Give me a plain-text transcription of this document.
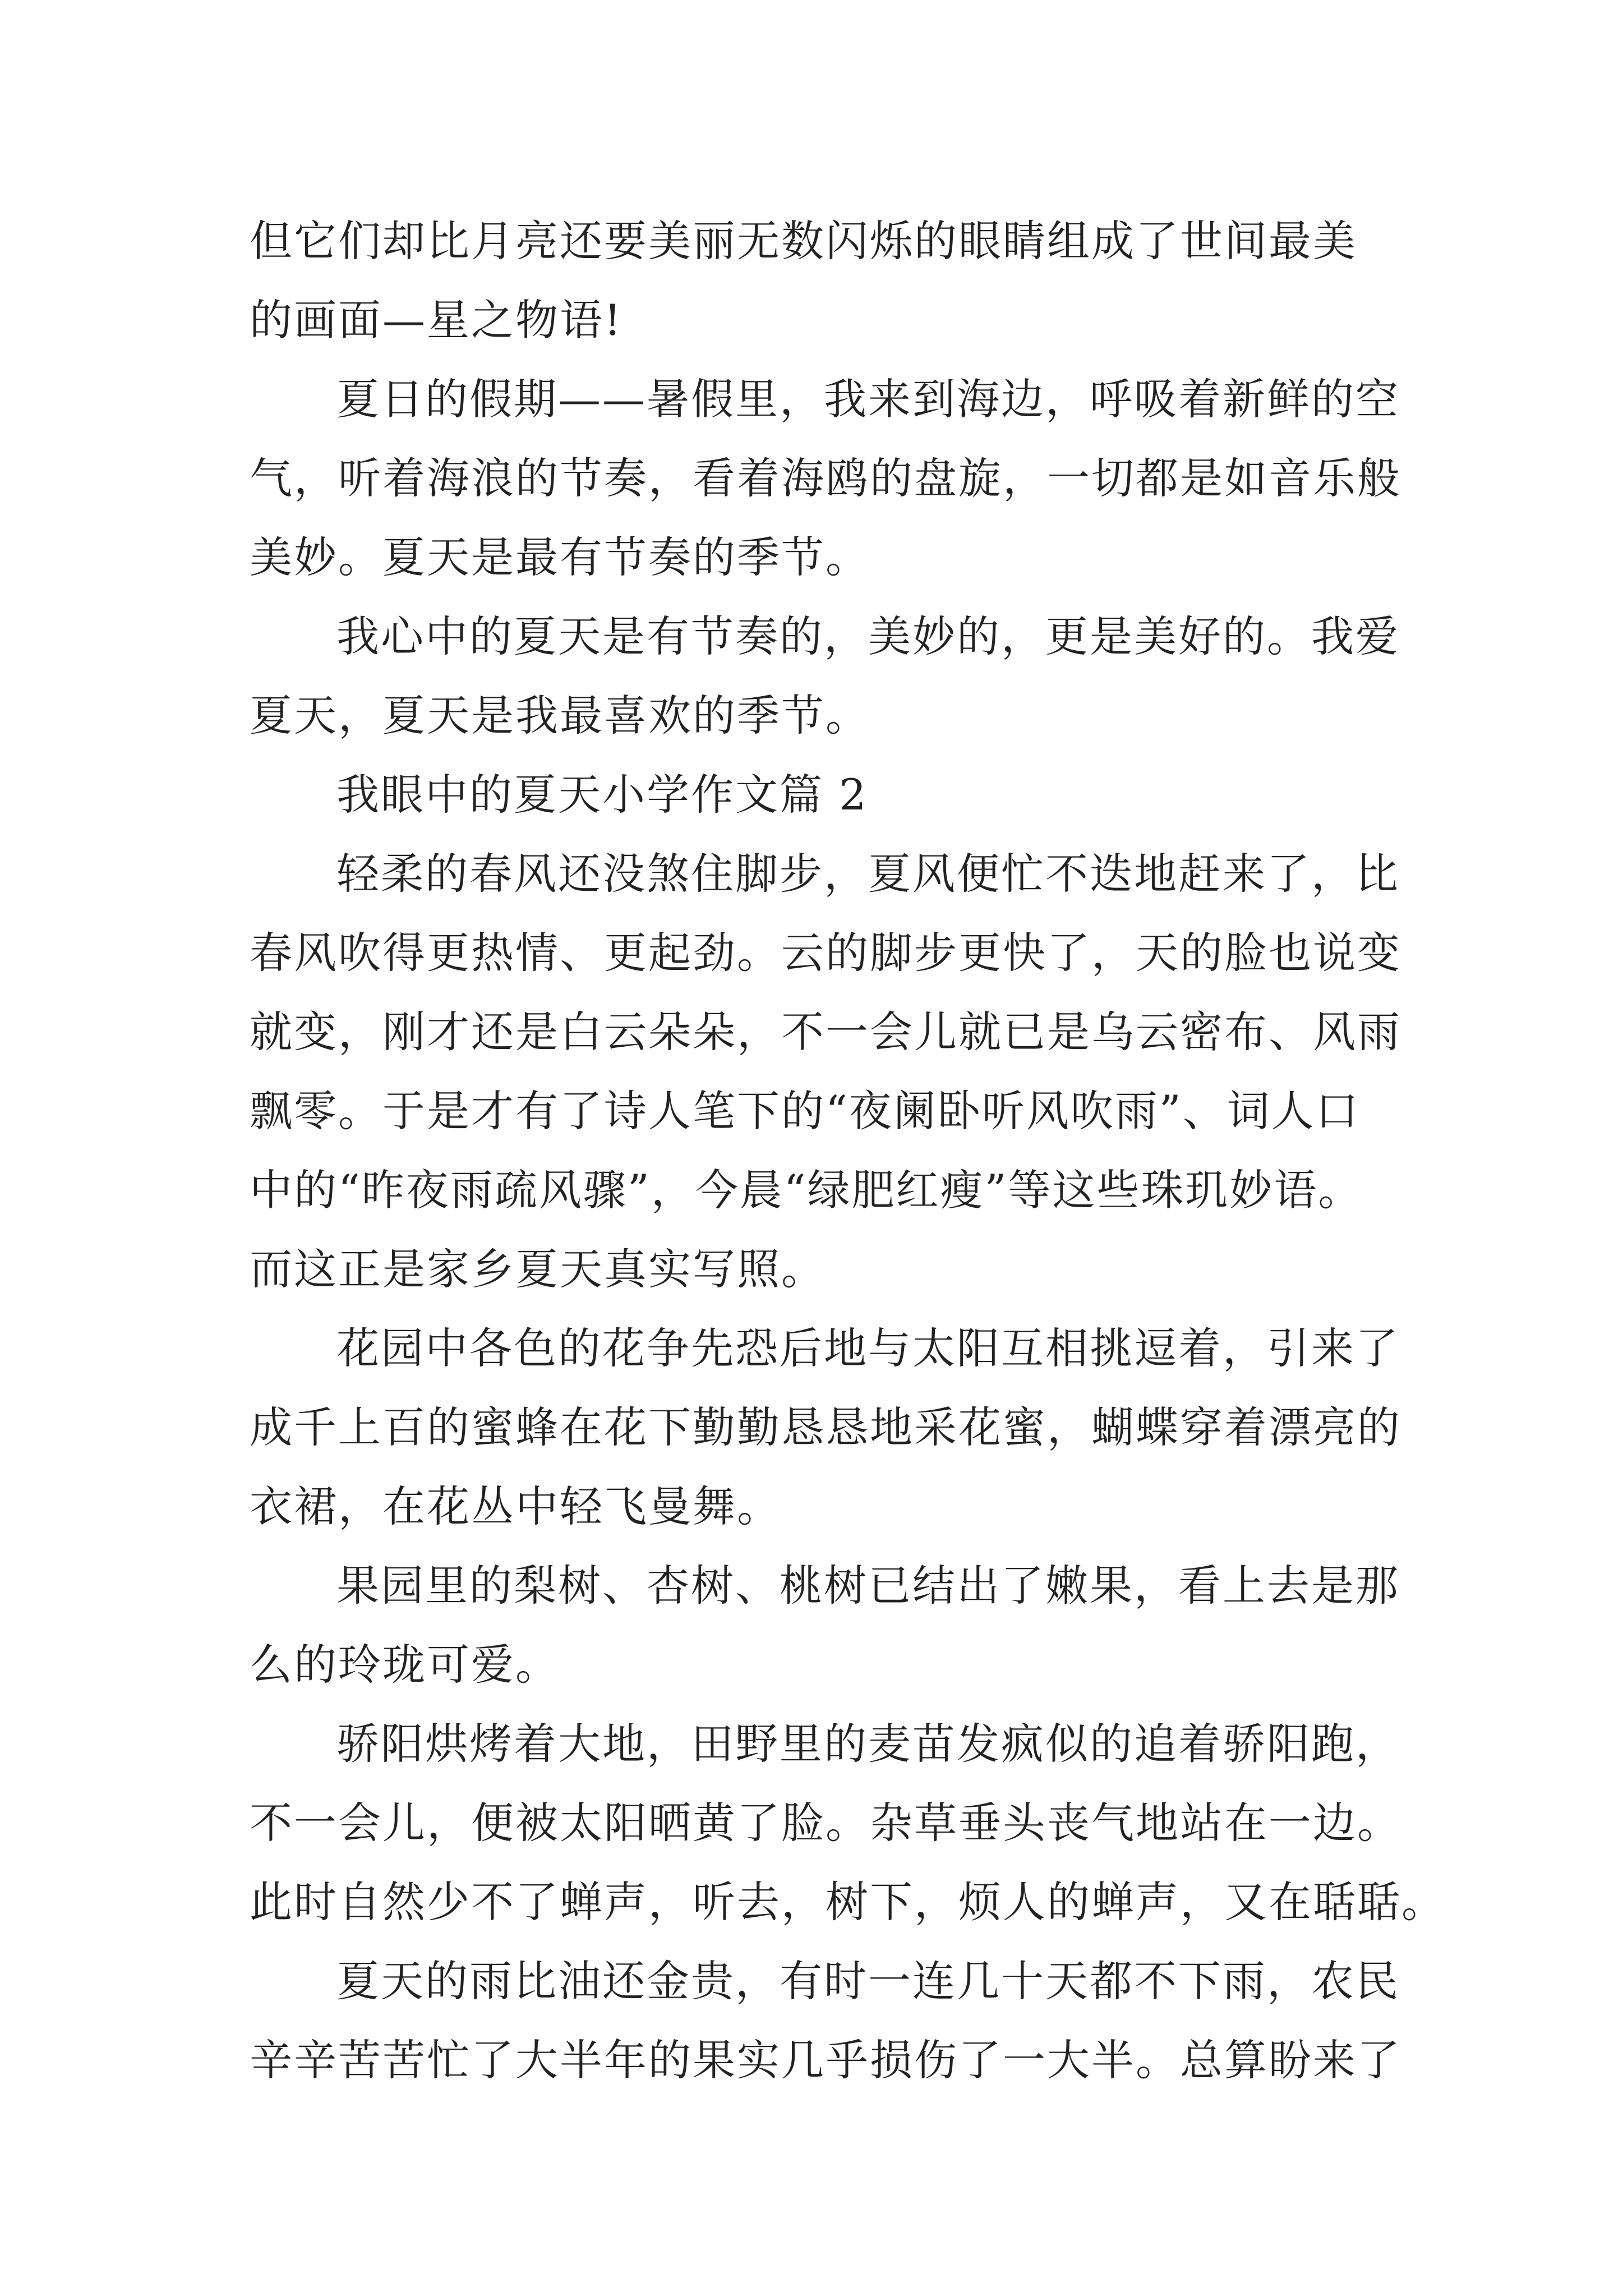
但它们却比月亮还要美丽无数闪烁的眼睛组成了世间最美
的画面—星之物语!
夏日的假期——暑假里，我来到海边，呼吸着新鲜的空
气，听着海浪的节奏，看着海鸥的盘旋，一切都是如音乐般
美妙。夏天是最有节奏的季节。
我心中的夏天是有节奏的，美妙的，更是美好的。我爱
夏天，夏天是我最喜欢的季节。
我眼中的夏天小学作文篇 2
轻柔的春风还没煞住脚步，夏风便忙不迭地赶来了，比
春风吹得更热情、更起劲。云的脚步更快了，天的脸也说变
就变，刚才还是白云朵朵，不一会儿就已是乌云密布、风雨
飘零。于是才有了诗人笔下的“夜阑卧听风吹雨”、词人口
中的“昨夜雨疏风骤”，今晨“绿肥红瘦”等这些珠玑妙语。
而这正是家乡夏天真实写照。
花园中各色的花争先恐后地与太阳互相挑逗着，引来了
成千上百的蜜蜂在花下勤勤恳恳地采花蜜，蝴蝶穿着漂亮的
衣裙，在花丛中轻飞曼舞。
果园里的梨树、杏树、桃树已结出了嫩果，看上去是那
么的玲珑可爱。
骄阳烘烤着大地，田野里的麦苗发疯似的追着骄阳跑，
不一会儿，便被太阳晒黄了脸。杂草垂头丧气地站在一边。
此时自然少不了蝉声，听去，树下，烦人的蝉声，又在聒聒。
夏天的雨比油还金贵，有时一连几十天都不下雨，农民
辛辛苦苦忙了大半年的果实几乎损伤了一大半。总算盼来了
